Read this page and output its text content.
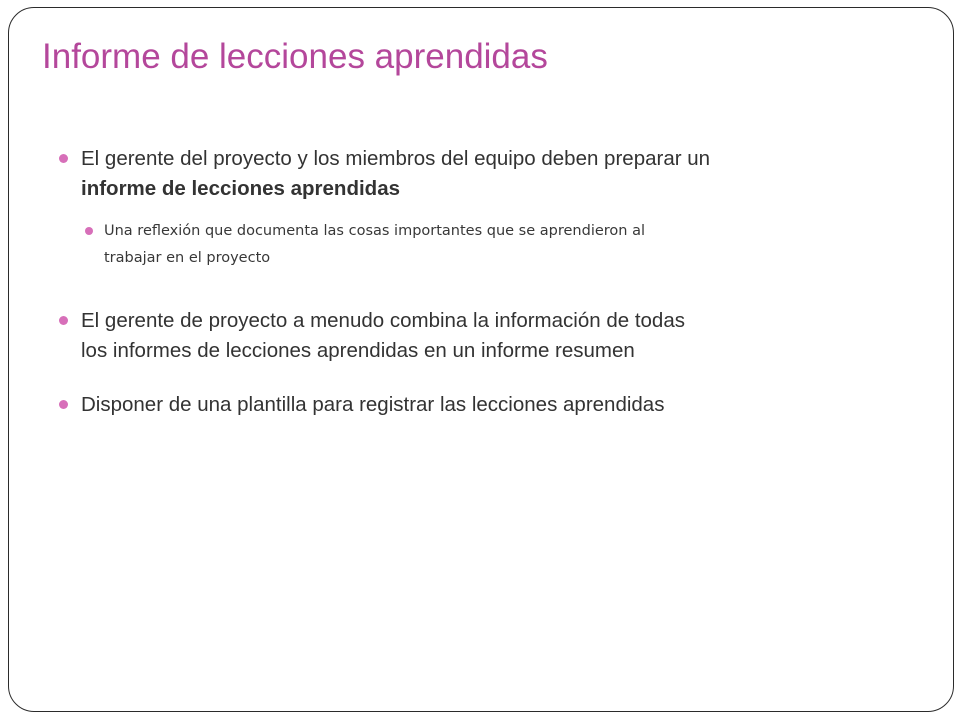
Informe de lecciones aprendidas
El gerente del proyecto y los miembros del equipo deben preparar un
informe de lecciones aprendidas
Una reflexión que documenta las cosas importantes que se aprendieron al
trabajar en el proyecto
El gerente de proyecto a menudo combina la información de todas
los informes de lecciones aprendidas en un informe resumen
Disponer de una plantilla para registrar las lecciones aprendidas
